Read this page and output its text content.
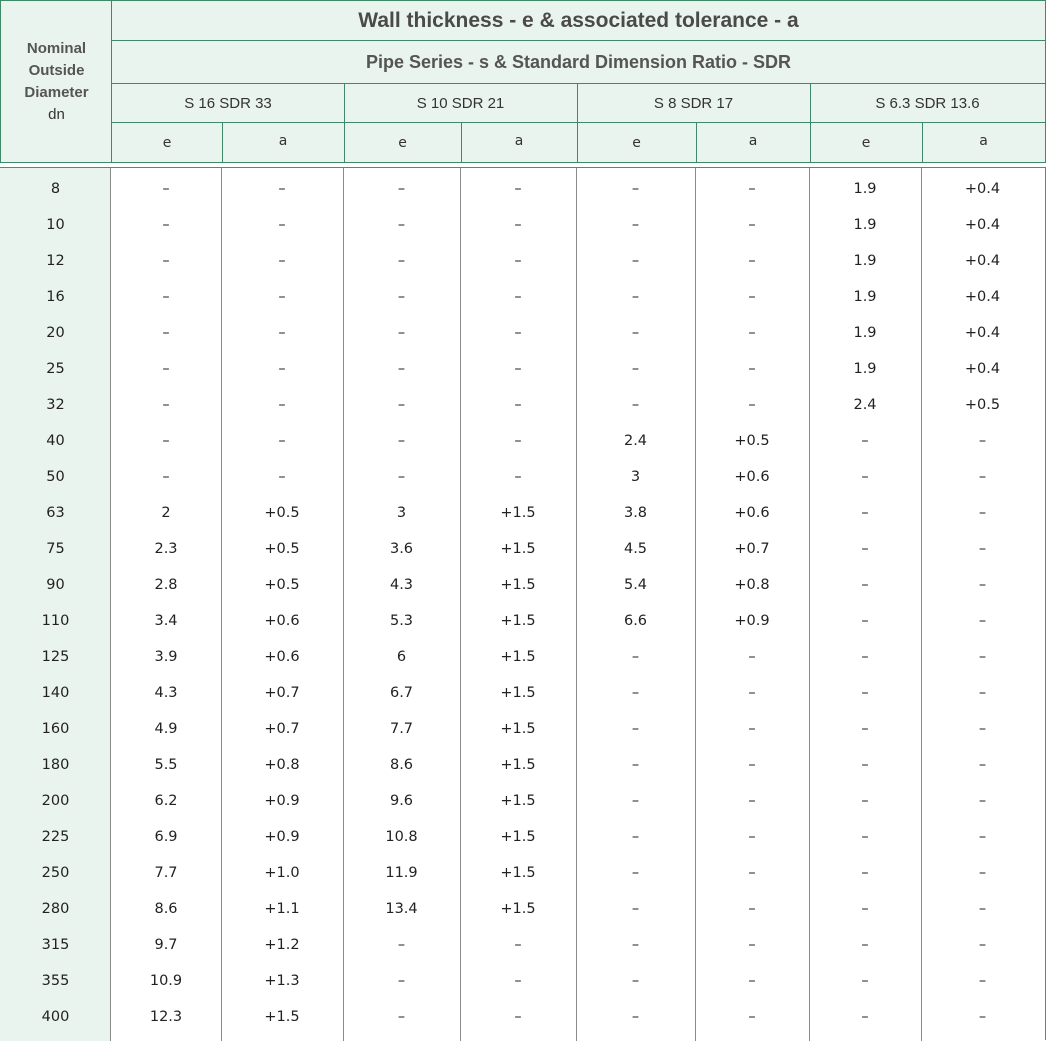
Nominal
Outside
Diameter
dn
Wall thickness - e & associated tolerance - a
Pipe Series - s & Standard Dimension Ratio - SDR
S 16 SDR 33	S 10 SDR 21	S 8 SDR 17	S 6.3 SDR 13.6
e	a	e	a	e	a	e	a
8	–	–	–	–	–	–	1.9	+0.4
10	–	–	–	–	–	–	1.9	+0.4
12	–	–	–	–	–	–	1.9	+0.4
16	–	–	–	–	–	–	1.9	+0.4
20	–	–	–	–	–	–	1.9	+0.4
25	–	–	–	–	–	–	1.9	+0.4
32	–	–	–	–	–	–	2.4	+0.5
40	–	–	–	–	2.4	+0.5	–	–
50	–	–	–	–	3	+0.6	–	–
63	2	+0.5	3	+1.5	3.8	+0.6	–	–
75	2.3	+0.5	3.6	+1.5	4.5	+0.7	–	–
90	2.8	+0.5	4.3	+1.5	5.4	+0.8	–	–
110	3.4	+0.6	5.3	+1.5	6.6	+0.9	–	–
125	3.9	+0.6	6	+1.5	–	–	–	–
140	4.3	+0.7	6.7	+1.5	–	–	–	–
160	4.9	+0.7	7.7	+1.5	–	–	–	–
180	5.5	+0.8	8.6	+1.5	–	–	–	–
200	6.2	+0.9	9.6	+1.5	–	–	–	–
225	6.9	+0.9	10.8	+1.5	–	–	–	–
250	7.7	+1.0	11.9	+1.5	–	–	–	–
280	8.6	+1.1	13.4	+1.5	–	–	–	–
315	9.7	+1.2	–	–	–	–	–	–
355	10.9	+1.3	–	–	–	–	–	–
400	12.3	+1.5	–	–	–	–	–	–
